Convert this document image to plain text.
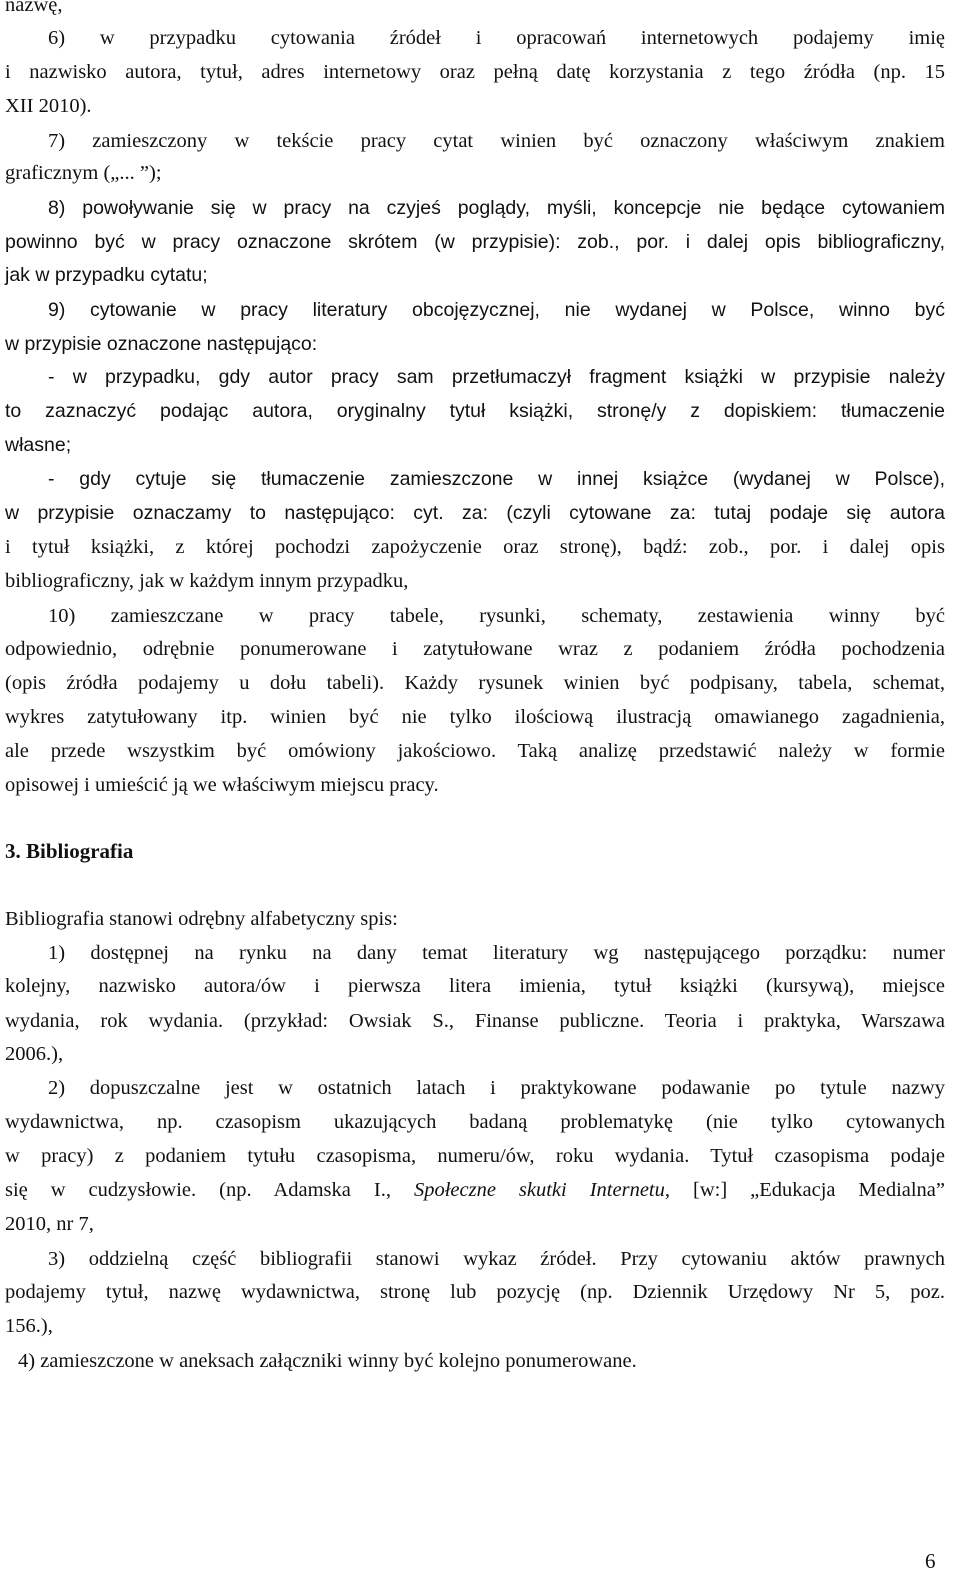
nazwę,
6) w przypadku cytowania źródeł i opracowań internetowych podajemy imię
i nazwisko autora, tytuł, adres internetowy oraz pełną datę korzystania z tego źródła (np. 15
XII 2010).
7) zamieszczony w tekście pracy cytat winien być oznaczony właściwym znakiem
graficznym („... ”);
8) powoływanie się w pracy na czyjeś poglądy, myśli, koncepcje nie będące cytowaniem
powinno być w pracy oznaczone skrótem (w przypisie): zob., por. i dalej opis bibliograficzny,
jak w przypadku cytatu;
9) cytowanie w pracy literatury obcojęzycznej, nie wydanej w Polsce, winno być
w przypisie oznaczone następująco:
- w przypadku, gdy autor pracy sam przetłumaczył fragment książki w przypisie należy
to zaznaczyć podając autora, oryginalny tytuł książki, stronę/y z dopiskiem: tłumaczenie
własne;
- gdy cytuje się tłumaczenie zamieszczone w innej książce (wydanej w Polsce),
w przypisie oznaczamy to następująco: cyt. za: (czyli cytowane za: tutaj podaje się autora
i tytuł książki, z której pochodzi zapożyczenie oraz stronę), bądź: zob., por. i dalej opis
bibliograficzny, jak w każdym innym przypadku,
10) zamieszczane w pracy tabele, rysunki, schematy, zestawienia winny być
odpowiednio, odrębnie ponumerowane i zatytułowane wraz z podaniem źródła pochodzenia
(opis źródła podajemy u dołu tabeli). Każdy rysunek winien być podpisany, tabela, schemat,
wykres zatytułowany itp. winien być nie tylko ilościową ilustracją omawianego zagadnienia,
ale przede wszystkim być omówiony jakościowo. Taką analizę przedstawić należy w formie
opisowej i umieścić ją we właściwym miejscu pracy.
3. Bibliografia
Bibliografia stanowi odrębny alfabetyczny spis:
1) dostępnej na rynku na dany temat literatury wg następującego porządku: numer
kolejny, nazwisko autora/ów i pierwsza litera imienia, tytuł książki (kursywą), miejsce
wydania, rok wydania. (przykład: Owsiak S., Finanse publiczne. Teoria i praktyka, Warszawa
2006.),
2) dopuszczalne jest w ostatnich latach i praktykowane podawanie po tytule nazwy
wydawnictwa, np. czasopism ukazujących badaną problematykę (nie tylko cytowanych
w pracy) z podaniem tytułu czasopisma, numeru/ów, roku wydania. Tytuł czasopisma podaje
się w cudzysłowie. (np. Adamska I., Społeczne skutki Internetu, [w:] „Edukacja Medialna”
2010, nr 7,
3) oddzielną część bibliografii stanowi wykaz źródeł. Przy cytowaniu aktów prawnych
podajemy tytuł, nazwę wydawnictwa, stronę lub pozycję (np. Dziennik Urzędowy Nr 5, poz.
156.),
4) zamieszczone w aneksach załączniki winny być kolejno ponumerowane.
6
